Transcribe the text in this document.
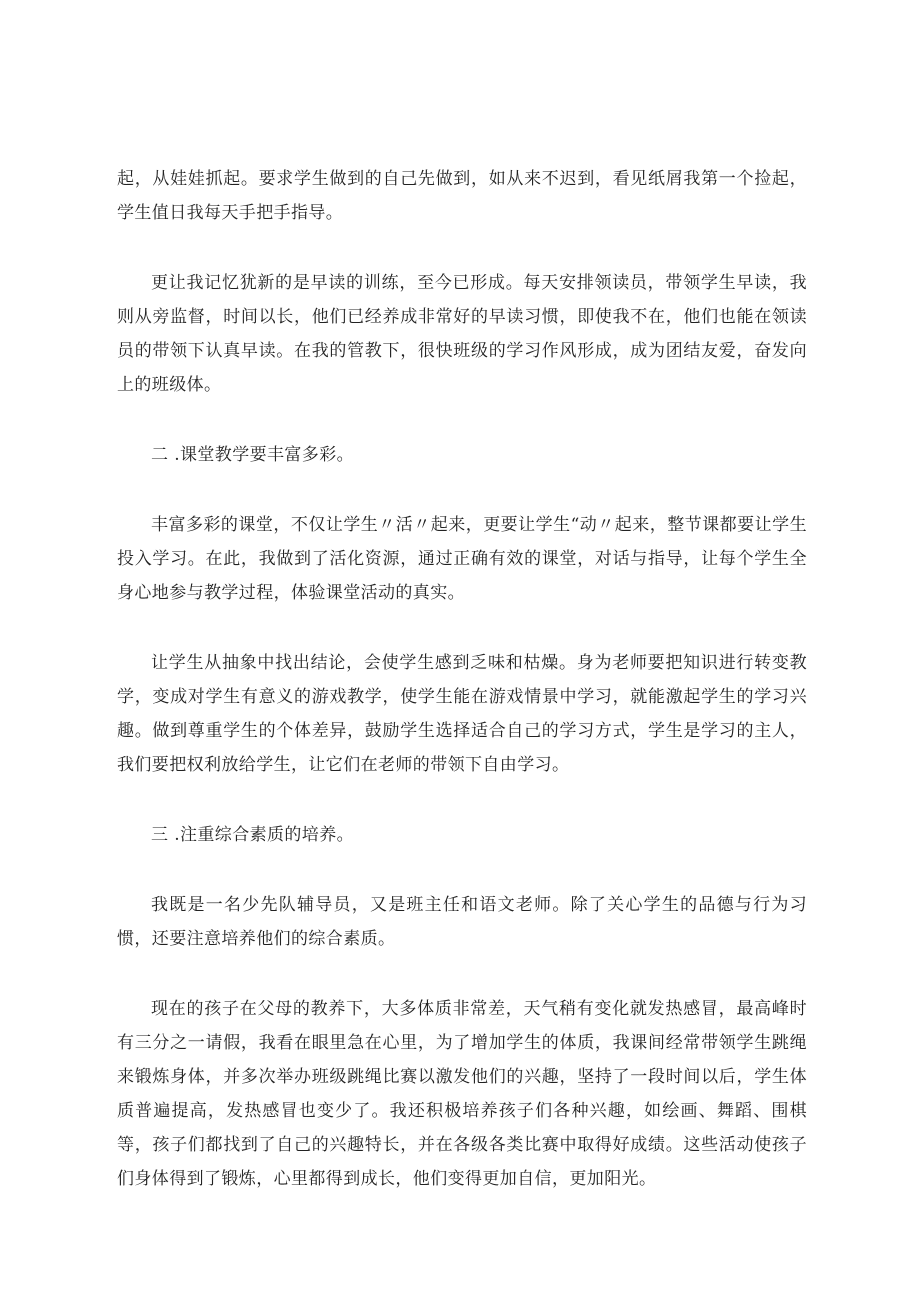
起，从娃娃抓起。要求学生做到的自己先做到，如从来不迟到，看见纸屑我第一个捡起，学生值日我每天手把手指导。

更让我记忆犹新的是早读的训练，至今已形成。每天安排领读员，带领学生早读，我则从旁监督，时间以长，他们已经养成非常好的早读习惯，即使我不在，他们也能在领读员的带领下认真早读。在我的管教下，很快班级的学习作风形成，成为团结友爱，奋发向上的班级体。

二 .课堂教学要丰富多彩。

丰富多彩的课堂，不仅让学生〃活〃起来，更要让学生“动〃起来，整节课都要让学生投入学习。在此，我做到了活化资源，通过正确有效的课堂，对话与指导，让每个学生全身心地参与教学过程，体验课堂活动的真实。

让学生从抽象中找出结论，会使学生感到乏味和枯燥。身为老师要把知识进行转变教学，变成对学生有意义的游戏教学，使学生能在游戏情景中学习，就能激起学生的学习兴趣。做到尊重学生的个体差异，鼓励学生选择适合自己的学习方式，学生是学习的主人，我们要把权利放给学生，让它们在老师的带领下自由学习。

三 .注重综合素质的培养。

我既是一名少先队辅导员，又是班主任和语文老师。除了关心学生的品德与行为习惯，还要注意培养他们的综合素质。

现在的孩子在父母的教养下，大多体质非常差，天气稍有变化就发热感冒，最高峰时有三分之一请假，我看在眼里急在心里，为了增加学生的体质，我课间经常带领学生跳绳来锻炼身体，并多次举办班级跳绳比赛以激发他们的兴趣，坚持了一段时间以后，学生体质普遍提高，发热感冒也变少了。我还积极培养孩子们各种兴趣，如绘画、舞蹈、围棋等，孩子们都找到了自己的兴趣特长，并在各级各类比赛中取得好成绩。这些活动使孩子们身体得到了锻炼，心里都得到成长，他们变得更加自信，更加阳光。
